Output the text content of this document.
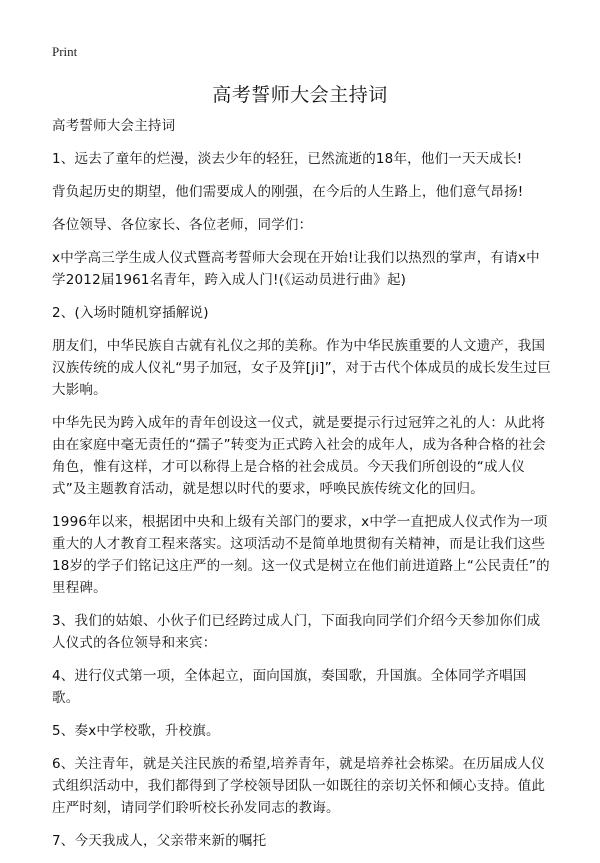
Print
高考誓师大会主持词

高考誓师大会主持词

1、远去了童年的烂漫，淡去少年的轻狂，已然流逝的18年，他们一天天成长!

背负起历史的期望，他们需要成人的刚强，在今后的人生路上，他们意气昂扬!

各位领导、各位家长、各位老师，同学们：

x中学高三学生成人仪式暨高考誓师大会现在开始!让我们以热烈的掌声，有请x中学2012届1961名青年，跨入成人门!(《运动员进行曲》起)

2、(入场时随机穿插解说)

朋友们，中华民族自古就有礼仪之邦的美称。作为中华民族重要的人文遗产，我国汉族传统的成人仪礼“男子加冠，女子及笄[ji]”，对于古代个体成员的成长发生过巨大影响。

中华先民为跨入成年的青年创设这一仪式，就是要提示行过冠笄之礼的人：从此将由在家庭中毫无责任的“孺子”转变为正式跨入社会的成年人，成为各种合格的社会角色，惟有这样，才可以称得上是合格的社会成员。今天我们所创设的“成人仪式”及主题教育活动，就是想以时代的要求，呼唤民族传统文化的回归。

1996年以来，根据团中央和上级有关部门的要求，x中学一直把成人仪式作为一项重大的人才教育工程来落实。这项活动不是简单地贯彻有关精神，而是让我们这些18岁的学子们铭记这庄严的一刻。这一仪式是树立在他们前进道路上“公民责任”的里程碑。

3、我们的姑娘、小伙子们已经跨过成人门，下面我向同学们介绍今天参加你们成人仪式的各位领导和来宾：

4、进行仪式第一项，全体起立，面向国旗，奏国歌，升国旗。全体同学齐唱国歌。

5、奏x中学校歌，升校旗。

6、关注青年，就是关注民族的希望,培养青年，就是培养社会栋梁。在历届成人仪式组织活动中，我们都得到了学校领导团队一如既往的亲切关怀和倾心支持。值此庄严时刻，请同学们聆听校长孙发同志的教诲。

7、今天我成人，父亲带来新的嘱托
